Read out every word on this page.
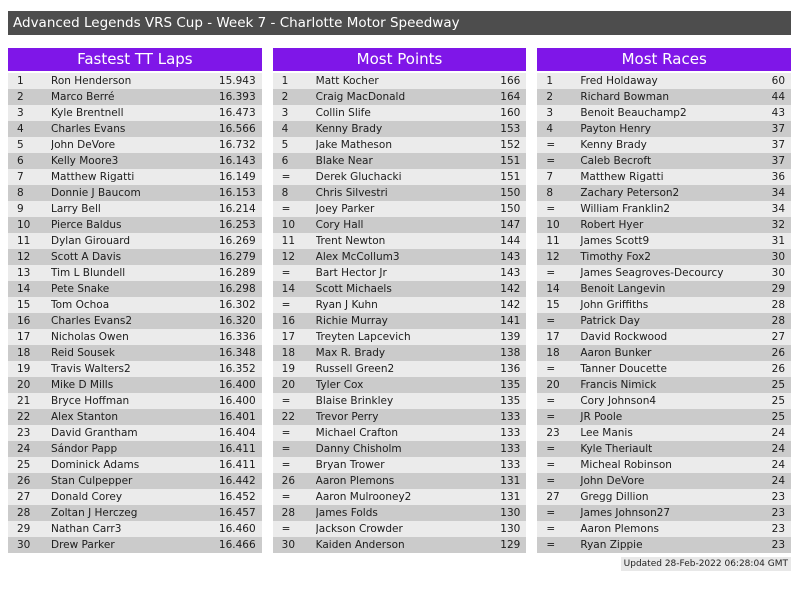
Advanced Legends VRS Cup - Week 7 - Charlotte Motor Speedway
Fastest TT Laps
1	Ron Henderson	15.943
2	Marco Berré	16.393
3	Kyle Brentnell	16.473
4	Charles Evans	16.566
5	John DeVore	16.732
6	Kelly Moore3	16.143
7	Matthew Rigatti	16.149
8	Donnie J Baucom	16.153
9	Larry Bell	16.214
10	Pierce Baldus	16.253
11	Dylan Girouard	16.269
12	Scott A Davis	16.279
13	Tim L Blundell	16.289
14	Pete Snake	16.298
15	Tom Ochoa	16.302
16	Charles Evans2	16.320
17	Nicholas Owen	16.336
18	Reid Sousek	16.348
19	Travis Walters2	16.352
20	Mike D Mills	16.400
21	Bryce Hoffman	16.400
22	Alex Stanton	16.401
23	David Grantham	16.404
24	Sándor Papp	16.411
25	Dominick Adams	16.411
26	Stan Culpepper	16.442
27	Donald Corey	16.452
28	Zoltan J Herczeg	16.457
29	Nathan Carr3	16.460
30	Drew Parker	16.466
Most Points
1	Matt Kocher	166
2	Craig MacDonald	164
3	Collin Slife	160
4	Kenny Brady	153
5	Jake Matheson	152
6	Blake Near	151
=	Derek Gluchacki	151
8	Chris Silvestri	150
=	Joey Parker	150
10	Cory Hall	147
11	Trent Newton	144
12	Alex McCollum3	143
=	Bart Hector Jr	143
14	Scott Michaels	142
=	Ryan J Kuhn	142
16	Richie Murray	141
17	Treyten Lapcevich	139
18	Max R. Brady	138
19	Russell Green2	136
20	Tyler Cox	135
=	Blaise Brinkley	135
22	Trevor Perry	133
=	Michael Crafton	133
=	Danny Chisholm	133
=	Bryan Trower	133
26	Aaron Plemons	131
=	Aaron Mulrooney2	131
28	James Folds	130
=	Jackson Crowder	130
30	Kaiden Anderson	129
Most Races
1	Fred Holdaway	60
2	Richard Bowman	44
3	Benoit Beauchamp2	43
4	Payton Henry	37
=	Kenny Brady	37
=	Caleb Becroft	37
7	Matthew Rigatti	36
8	Zachary Peterson2	34
=	William Franklin2	34
10	Robert Hyer	32
11	James Scott9	31
12	Timothy Fox2	30
=	James Seagroves-Decourcy	30
14	Benoit Langevin	29
15	John Griffiths	28
=	Patrick Day	28
17	David Rockwood	27
18	Aaron Bunker	26
=	Tanner Doucette	26
20	Francis Nimick	25
=	Cory Johnson4	25
=	JR Poole	25
23	Lee Manis	24
=	Kyle Theriault	24
=	Micheal Robinson	24
=	John DeVore	24
27	Gregg Dillion	23
=	James Johnson27	23
=	Aaron Plemons	23
=	Ryan Zippie	23
Updated 28-Feb-2022 06:28:04 GMT
